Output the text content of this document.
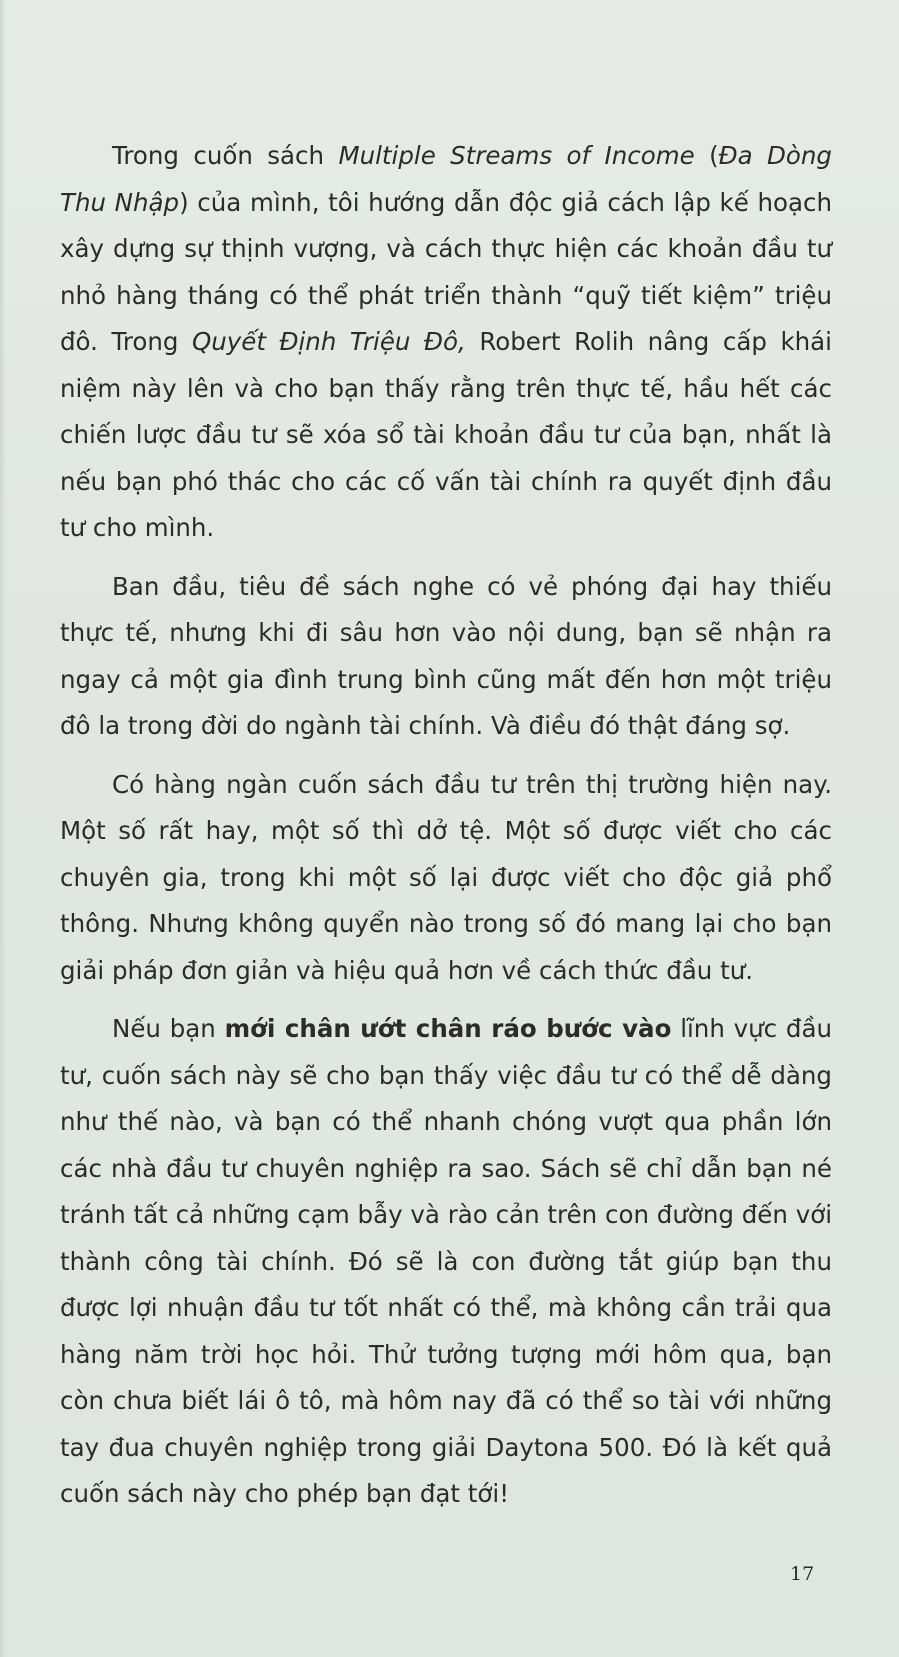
Trong cuốn sách Multiple Streams of Income (Đa Dòng Thu Nhập) của mình, tôi hướng dẫn độc giả cách lập kế hoạch xây dựng sự thịnh vượng, và cách thực hiện các khoản đầu tư nhỏ hàng tháng có thể phát triển thành “quỹ tiết kiệm” triệu đô. Trong Quyết Định Triệu Đô, Robert Rolih nâng cấp khái niệm này lên và cho bạn thấy rằng trên thực tế, hầu hết các chiến lược đầu tư sẽ xóa sổ tài khoản đầu tư của bạn, nhất là nếu bạn phó thác cho các cố vấn tài chính ra quyết định đầu tư cho mình.

Ban đầu, tiêu đề sách nghe có vẻ phóng đại hay thiếu thực tế, nhưng khi đi sâu hơn vào nội dung, bạn sẽ nhận ra ngay cả một gia đình trung bình cũng mất đến hơn một triệu đô la trong đời do ngành tài chính. Và điều đó thật đáng sợ.

Có hàng ngàn cuốn sách đầu tư trên thị trường hiện nay. Một số rất hay, một số thì dở tệ. Một số được viết cho các chuyên gia, trong khi một số lại được viết cho độc giả phổ thông. Nhưng không quyển nào trong số đó mang lại cho bạn giải pháp đơn giản và hiệu quả hơn về cách thức đầu tư.

Nếu bạn mới chân ướt chân ráo bước vào lĩnh vực đầu tư, cuốn sách này sẽ cho bạn thấy việc đầu tư có thể dễ dàng như thế nào, và bạn có thể nhanh chóng vượt qua phần lớn các nhà đầu tư chuyên nghiệp ra sao. Sách sẽ chỉ dẫn bạn né tránh tất cả những cạm bẫy và rào cản trên con đường đến với thành công tài chính. Đó sẽ là con đường tắt giúp bạn thu được lợi nhuận đầu tư tốt nhất có thể, mà không cần trải qua hàng năm trời học hỏi. Thử tưởng tượng mới hôm qua, bạn còn chưa biết lái ô tô, mà hôm nay đã có thể so tài với những tay đua chuyên nghiệp trong giải Daytona 500. Đó là kết quả cuốn sách này cho phép bạn đạt tới!

17
